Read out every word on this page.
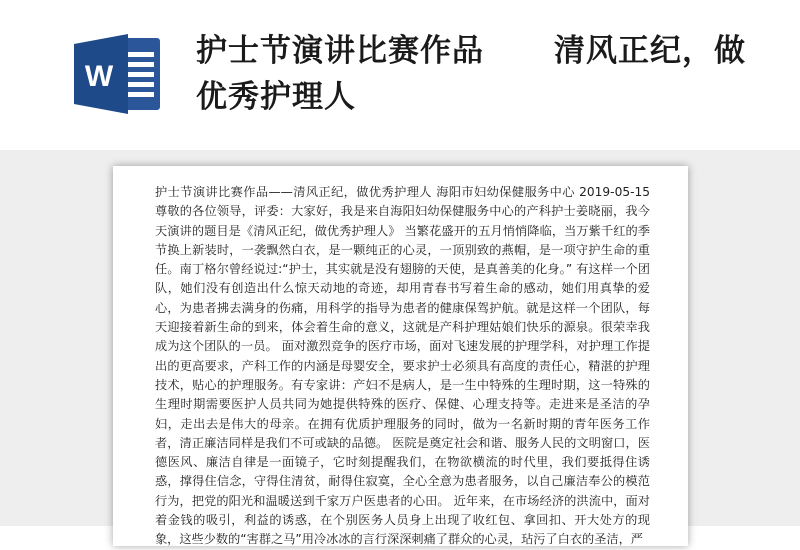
W
护士节演讲比赛作品 清风正纪，做优秀护理人
护士节演讲比赛作品——清风正纪，做优秀护理人 海阳市妇幼保健服务中心 2019-05-15 尊敬的各位领导，评委：大家好，我是来自海阳妇幼保健服务中心的产科护士姜晓丽，我今天演讲的题目是《清风正纪，做优秀护理人》 当繁花盛开的五月悄悄降临，当万紫千红的季节换上新装时，一袭飘然白衣，是一颗纯正的心灵，一顶别致的燕帽，是一项守护生命的重任。南丁格尔曾经说过:“护士，其实就是没有翅膀的天使，是真善美的化身。” 有这样一个团队，她们没有创造出什么惊天动地的奇迹，却用青春书写着生命的感动，她们用真挚的爱心，为患者拂去满身的伤痛，用科学的指导为患者的健康保驾护航。就是这样一个团队，每天迎接着新生命的到来，体会着生命的意义，这就是产科护理姑娘们快乐的源泉。很荣幸我成为这个团队的一员。 面对激烈竞争的医疗市场，面对飞速发展的护理学科，对护理工作提出的更高要求，产科工作的内涵是母婴安全，要求护士必须具有高度的责任心，精湛的护理技术，贴心的护理服务。有专家讲：产妇不是病人，是一生中特殊的生理时期，这一特殊的生理时期需要医护人员共同为她提供特殊的医疗、保健、心理支持等。走进来是圣洁的孕妇，走出去是伟大的母亲。在拥有优质护理服务的同时，做为一名新时期的青年医务工作者，清正廉洁同样是我们不可或缺的品德。 医院是奠定社会和谐、服务人民的文明窗口，医德医风、廉洁自律是一面镜子，它时刻提醒我们，在物欲横流的时代里，我们要抵得住诱惑，撑得住信念，守得住清贫，耐得住寂寞，全心全意为患者服务，以自己廉洁奉公的模范行为，把党的阳光和温暖送到千家万户医患者的心田。 近年来，在市场经济的洪流中，面对着金钱的吸引，利益的诱惑，在个别医务人员身上出现了收红包、拿回扣、开大处方的现象，这些少数的“害群之马”用冷冰冰的言行深深刺痛了群众的心灵，玷污了白衣的圣洁，严
